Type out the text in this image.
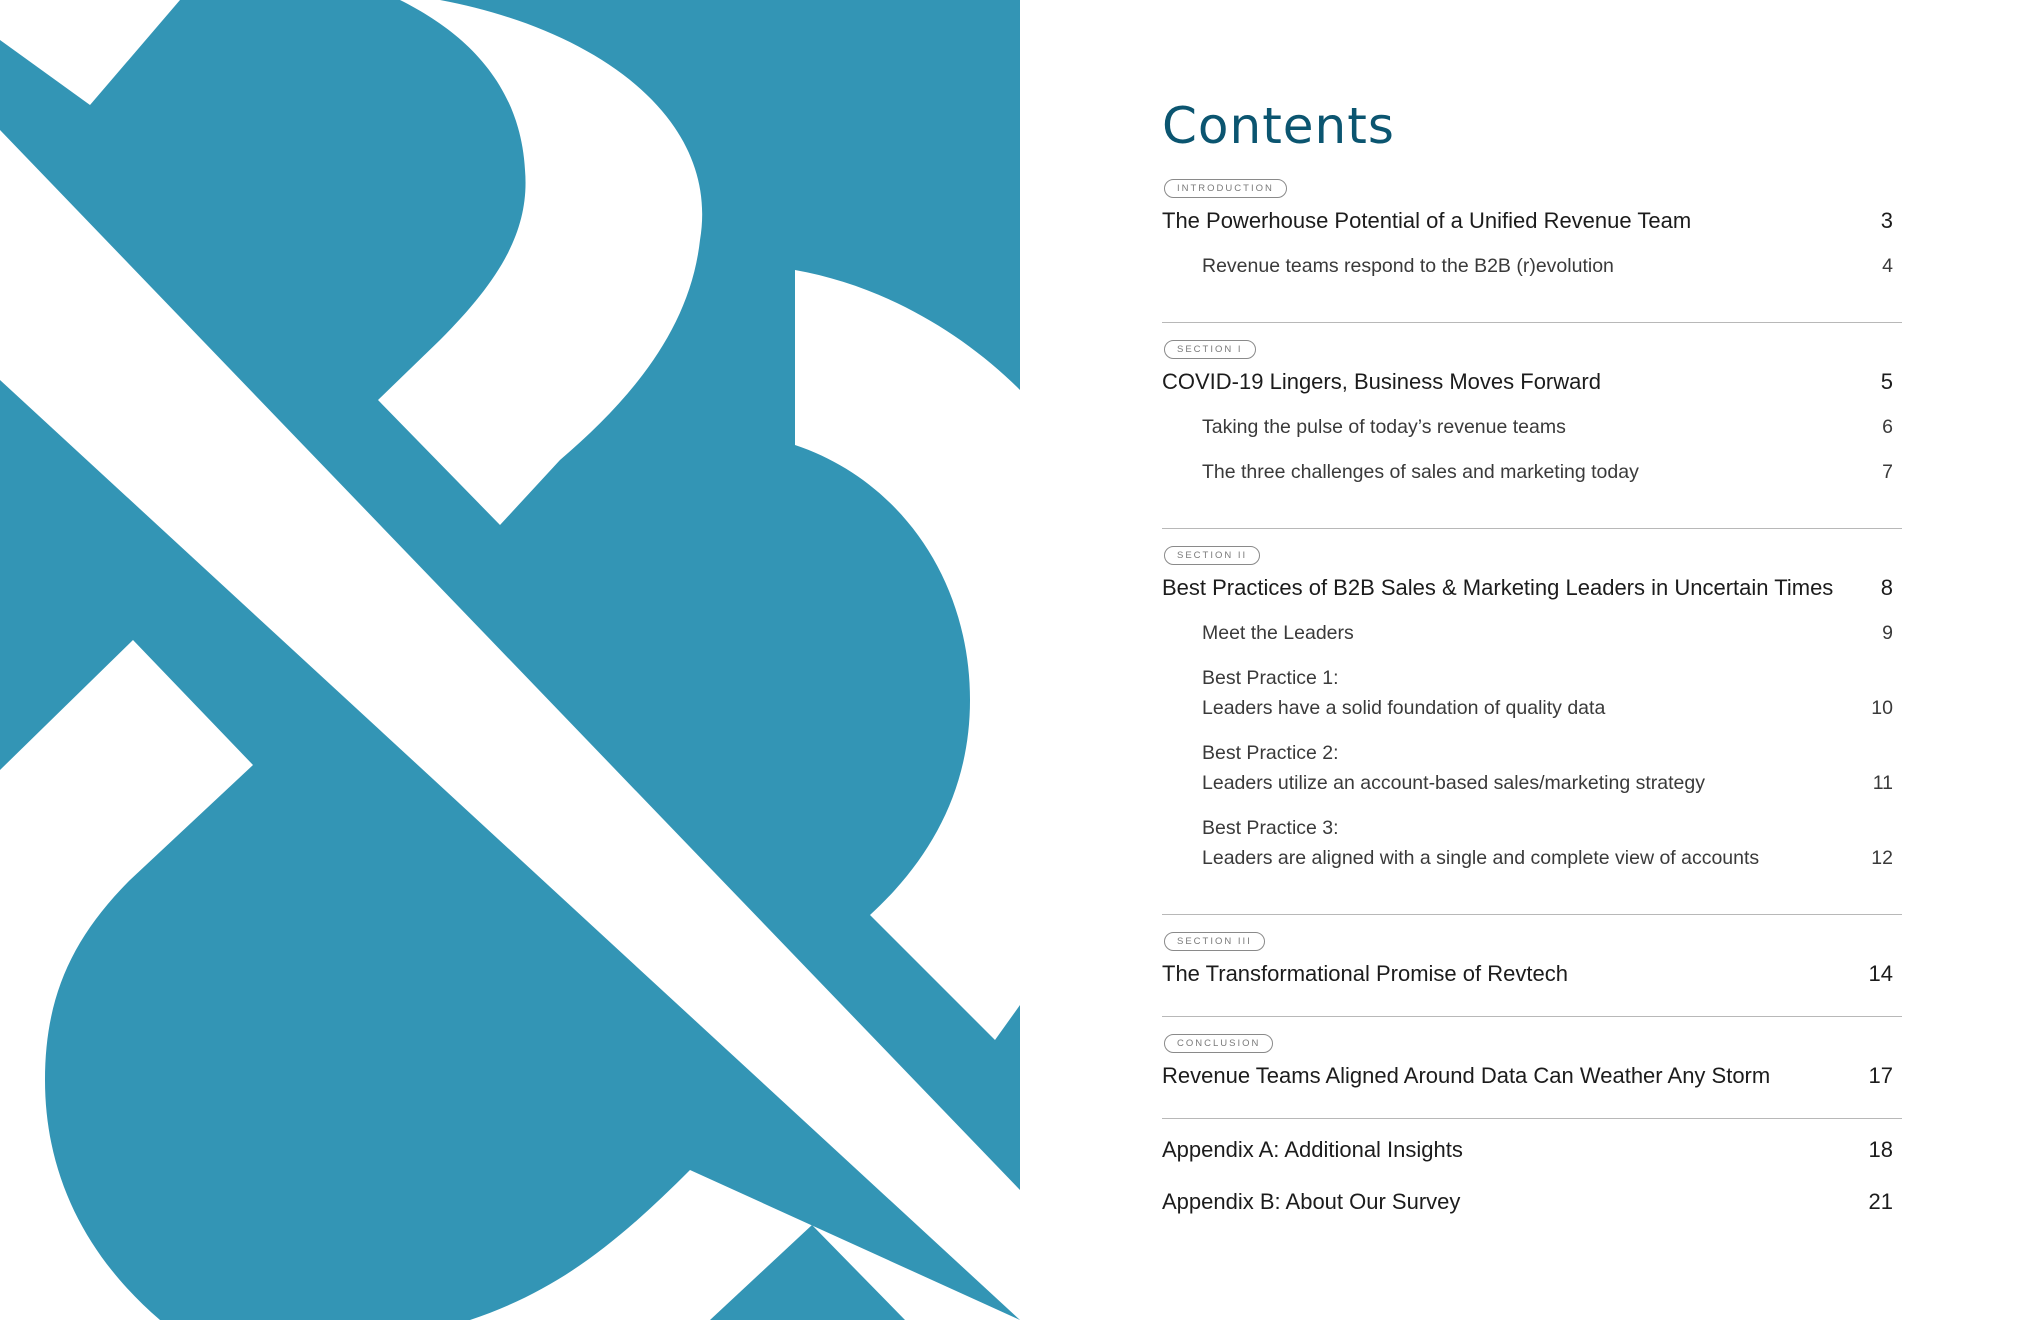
Contents
INTRODUCTION
The Powerhouse Potential of a Unified Revenue Team	3
Revenue teams respond to the B2B (r)evolution	4
SECTION I
COVID-19 Lingers, Business Moves Forward	5
Taking the pulse of today’s revenue teams	6
The three challenges of sales and marketing today	7
SECTION II
Best Practices of B2B Sales & Marketing Leaders in Uncertain Times 8
Meet the Leaders	9
Best Practice 1:
Leaders have a solid foundation of quality data	10
Best Practice 2:
Leaders utilize an account-based sales/marketing strategy	11
Best Practice 3:
Leaders are aligned with a single and complete view of accounts	12
SECTION III
The Transformational Promise of Revtech	14
CONCLUSION
Revenue Teams Aligned Around Data Can Weather Any Storm	17
Appendix A: Additional Insights	18
Appendix B: About Our Survey	21
